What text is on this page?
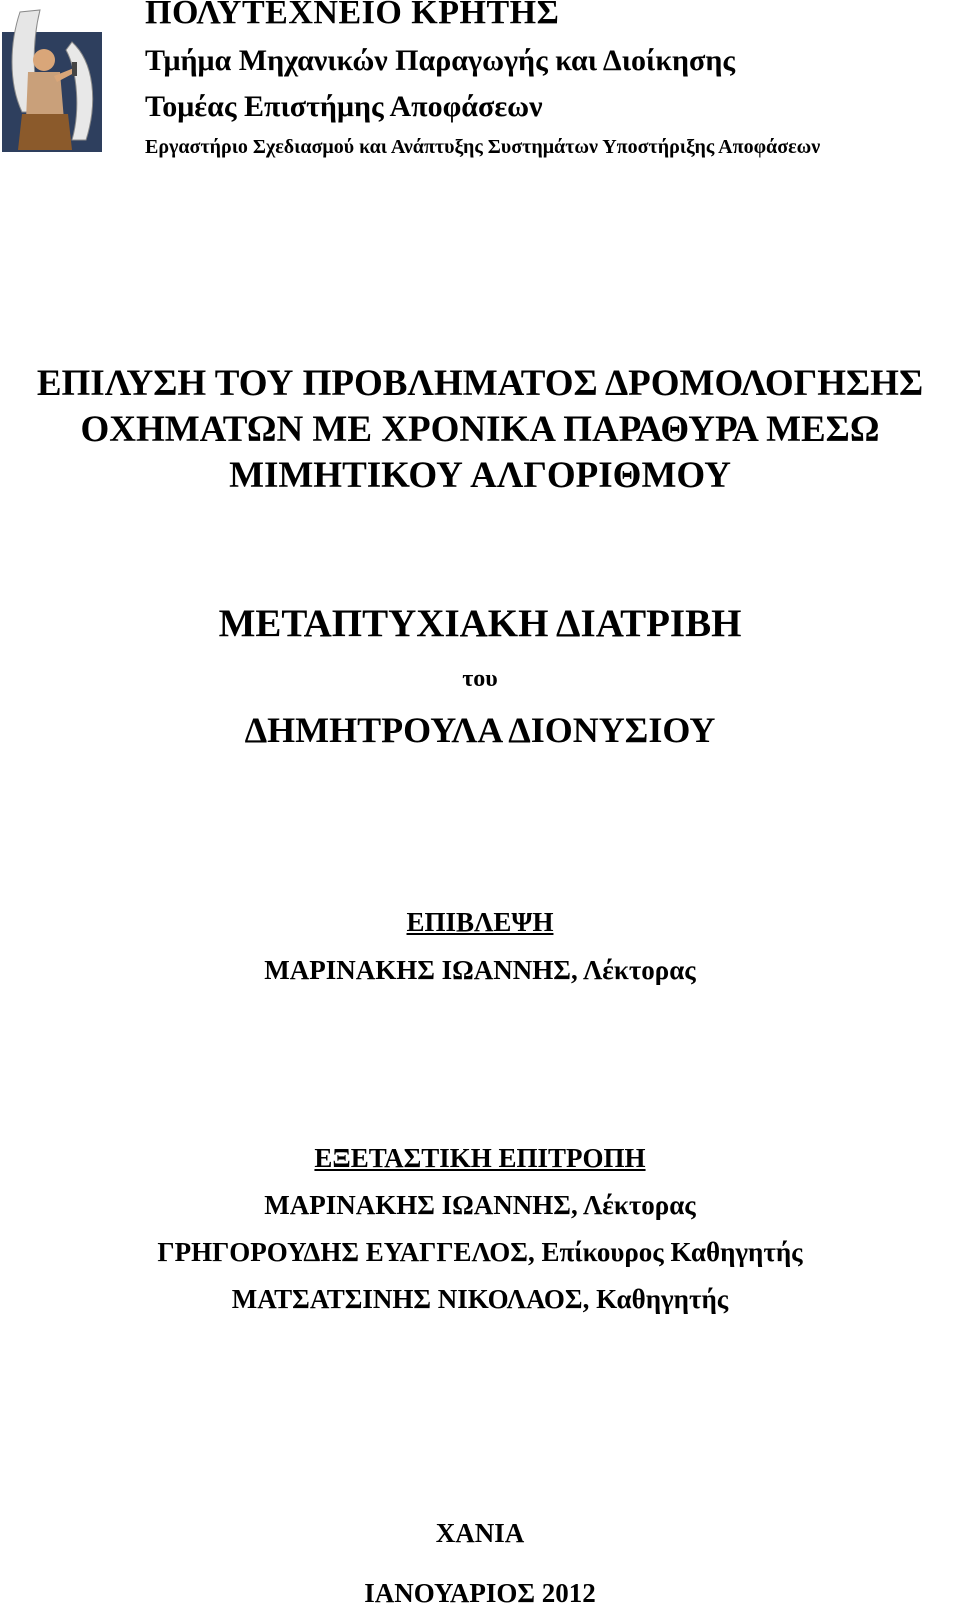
ΠΟΛΥΤΕΧΝΕΙΟ ΚΡΗΤΗΣ
Τμήμα Μηχανικών Παραγωγής και Διοίκησης
Τομέας Επιστήμης Αποφάσεων
Εργαστήριο Σχεδιασμού και Ανάπτυξης Συστημάτων Υποστήριξης Αποφάσεων
ΕΠΙΛΥΣΗ ΤΟΥ ΠΡΟΒΛΗΜΑΤΟΣ ΔΡΟΜΟΛΟΓΗΣΗΣ
ΟΧΗΜΑΤΩΝ ΜΕ ΧΡΟΝΙΚΑ ΠΑΡΑΘΥΡΑ ΜΕΣΩ
ΜΙΜΗΤΙΚΟΥ ΑΛΓΟΡΙΘΜΟΥ
ΜΕΤΑΠΤΥΧΙΑΚΗ ΔΙΑΤΡΙΒΗ
του
ΔΗΜΗΤΡΟΥΛΑ ΔΙΟΝΥΣΙΟΥ
ΕΠΙΒΛΕΨΗ
ΜΑΡΙΝΑΚΗΣ ΙΩΑΝΝΗΣ, Λέκτορας
ΕΞΕΤΑΣΤΙΚΗ ΕΠΙΤΡΟΠΗ
ΜΑΡΙΝΑΚΗΣ ΙΩΑΝΝΗΣ, Λέκτορας
ΓΡΗΓΟΡΟΥΔΗΣ ΕΥΑΓΓΕΛΟΣ, Επίκουρος Καθηγητής
ΜΑΤΣΑΤΣΙΝΗΣ ΝΙΚΟΛΑΟΣ, Καθηγητής
ΧΑΝΙΑ
ΙΑΝΟΥΑΡΙΟΣ 2012
